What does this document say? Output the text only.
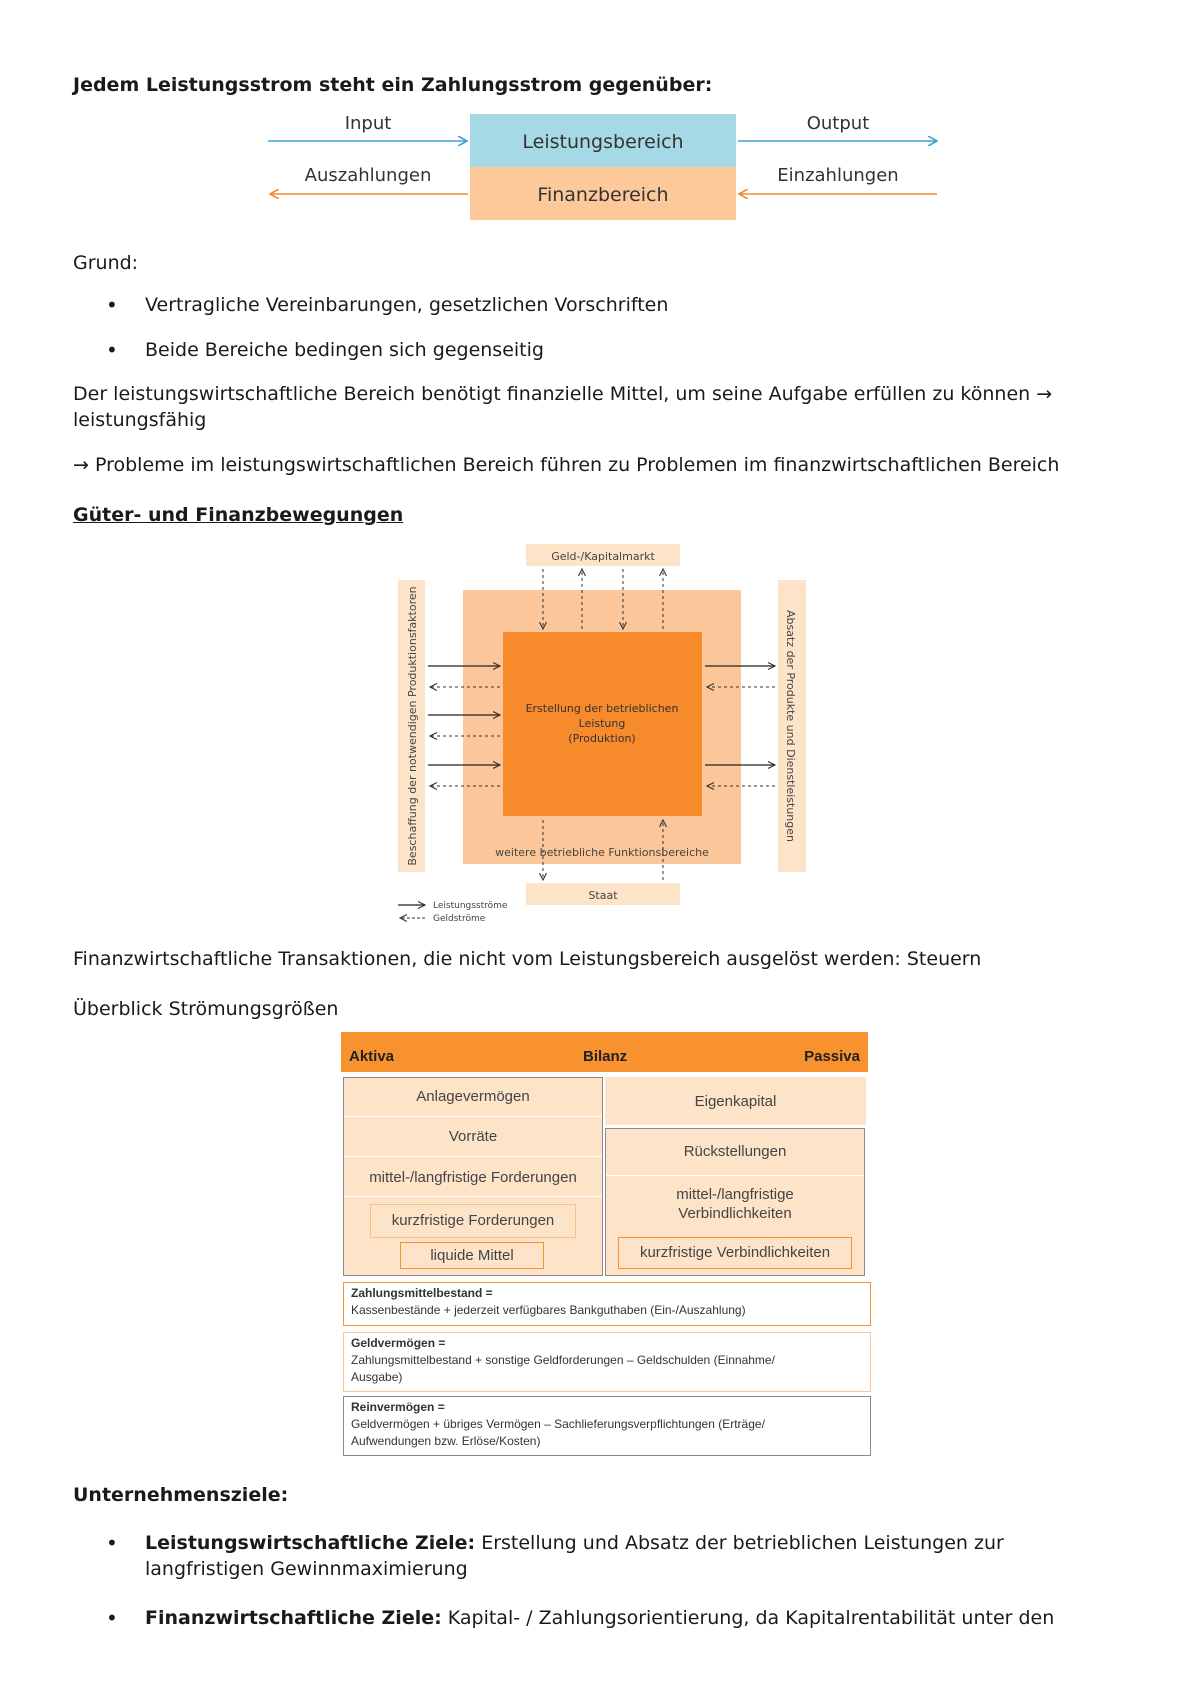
Jedem Leistungsstrom steht ein Zahlungsstrom gegenüber:
Leistungsbereich
Finanzbereich
Input	Output
Auszahlungen	Einzahlungen
Grund:
• Vertragliche Vereinbarungen, gesetzlichen Vorschriften
• Beide Bereiche bedingen sich gegenseitig
Der leistungswirtschaftliche Bereich benötigt finanzielle Mittel, um seine Aufgabe erfüllen zu können → leistungsfähig
→ Probleme im leistungswirtschaftlichen Bereich führen zu Problemen im finanzwirtschaftlichen Bereich
Güter- und Finanzbewegungen
Geld-/Kapitalmarkt
Staat
Beschaffung der notwendigen Produktionsfaktoren	Absatz der Produkte und Dienstleistungen
weitere betriebliche Funktionsbereiche
Erstellung der betrieblichen
Leistung
(Produktion)
Leistungsströme
Geldströme
Finanzwirtschaftliche Transaktionen, die nicht vom Leistungsbereich ausgelöst werden: Steuern
Überblick Strömungsgrößen
Aktiva	Bilanz	Passiva
Anlagevermögen
Vorräte
mittel-/langfristige Forderungen
kurzfristige Forderungen
liquide Mittel
Eigenkapital
Rückstellungen
mittel-/langfristige
Verbindlichkeiten
kurzfristige Verbindlichkeiten
Zahlungsmittelbestand =
Kassenbestände + jederzeit verfügbares Bankguthaben (Ein-/Auszahlung)
Geldvermögen =
Zahlungsmittelbestand + sonstige Geldforderungen – Geldschulden (Einnahme/
Ausgabe)
Reinvermögen =
Geldvermögen + übriges Vermögen – Sachlieferungsverpflichtungen (Erträge/
Aufwendungen bzw. Erlöse/Kosten)
Unternehmensziele:
• Leistungswirtschaftliche Ziele: Erstellung und Absatz der betrieblichen Leistungen zur langfristigen Gewinnmaximierung
• Finanzwirtschaftliche Ziele: Kapital- / Zahlungsorientierung, da Kapitalrentabilität unter den
